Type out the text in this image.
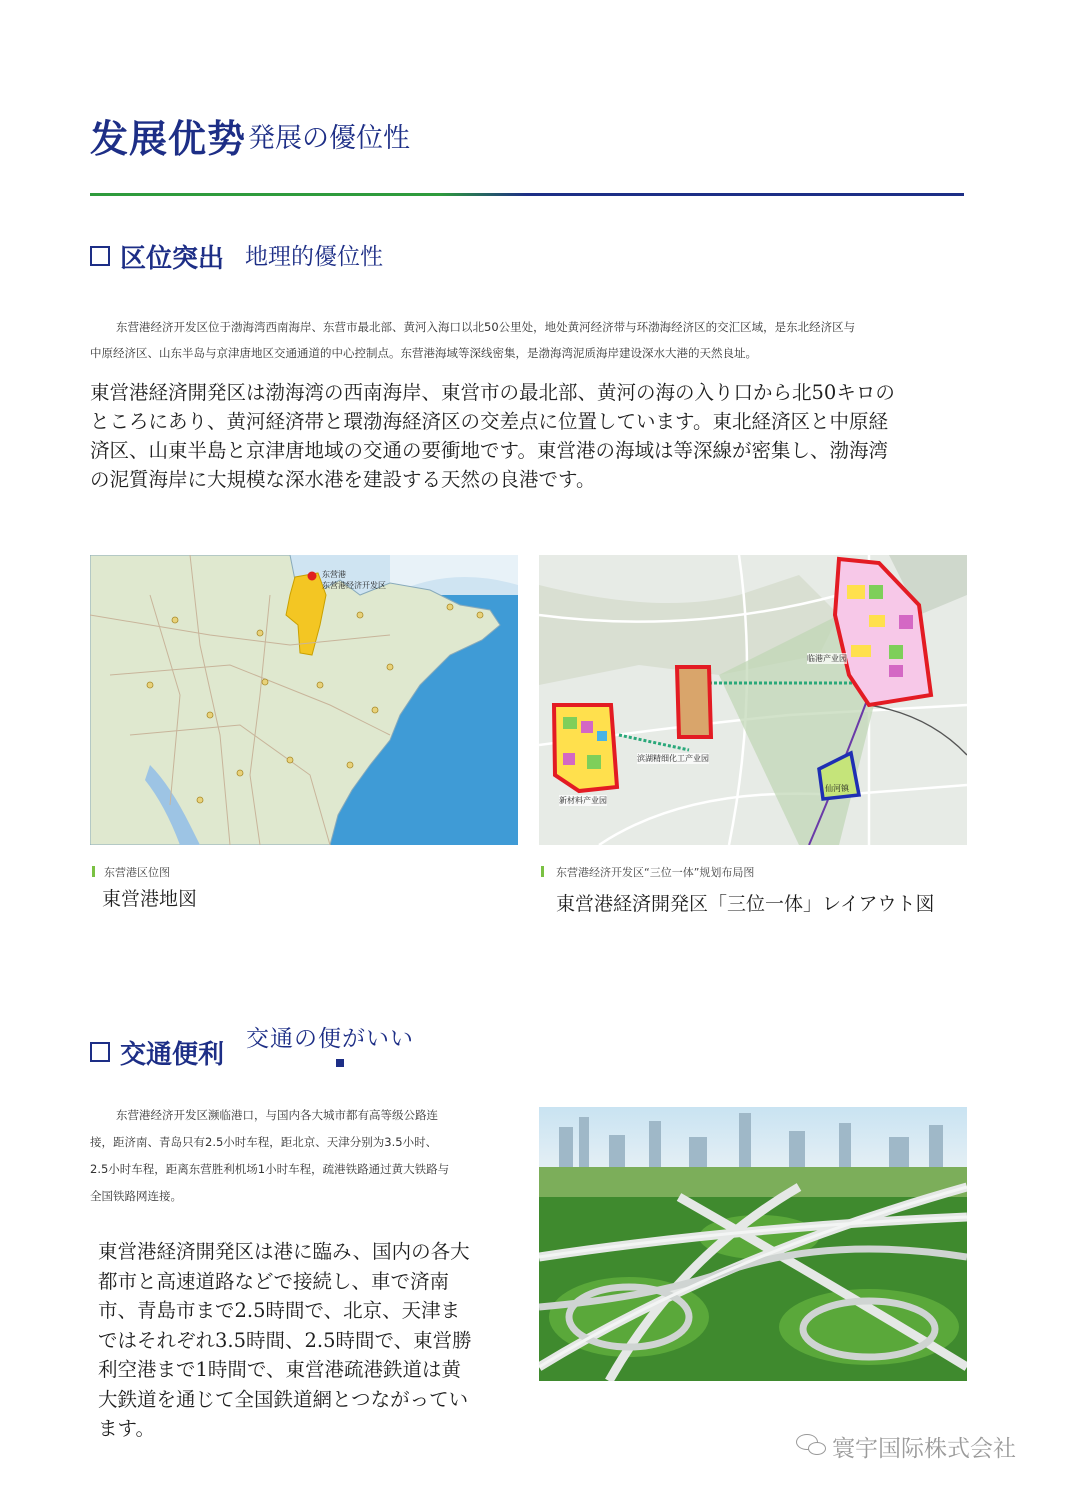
发展优势 発展の優位性
区位突出 地理的優位性
东营港经济开发区位于渤海湾西南海岸、东营市最北部、黄河入海口以北50公里处，地处黄河经济带与环渤海经济区的交汇区域，是东北经济区与
中原经济区、山东半岛与京津唐地区交通通道的中心控制点。东营港海域等深线密集，是渤海湾泥质海岸建设深水大港的天然良址。
東営港経済開発区は渤海湾の西南海岸、東営市の最北部、黄河の海の入り口から北50キロの
ところにあり、黄河経済帯と環渤海経済区の交差点に位置しています。東北経済区と中原経
済区、山東半島と京津唐地域の交通の要衝地です。東営港の海域は等深線が密集し、渤海湾
の泥質海岸に大規模な深水港を建設する天然の良港です。
东营港
东营港经济开发区
临港产业园
滨湖精细化工产业园
新材料产业园
仙河镇
东营港区位图
東営港地図
东营港经济开发区“三位一体”规划布局图
東営港経済開発区「三位一体」レイアウト図
交通便利
交通の便がいい
东营港经济开发区濒临港口，与国内各大城市都有高等级公路连
接，距济南、青岛只有2.5小时车程，距北京、天津分别为3.5小时、
2.5小时车程，距离东营胜利机场1小时车程，疏港铁路通过黄大铁路与
全国铁路网连接。
東営港経済開発区は港に臨み、国内の各大
都市と高速道路などで接続し、車で済南
市、青島市まで2.5時間で、北京、天津ま
ではそれぞれ3.5時間、2.5時間で、東営勝
利空港まで1時間で、東営港疏港鉄道は黄
大鉄道を通じて全国鉄道網とつながってい
ます。
寰宇国际株式会社
